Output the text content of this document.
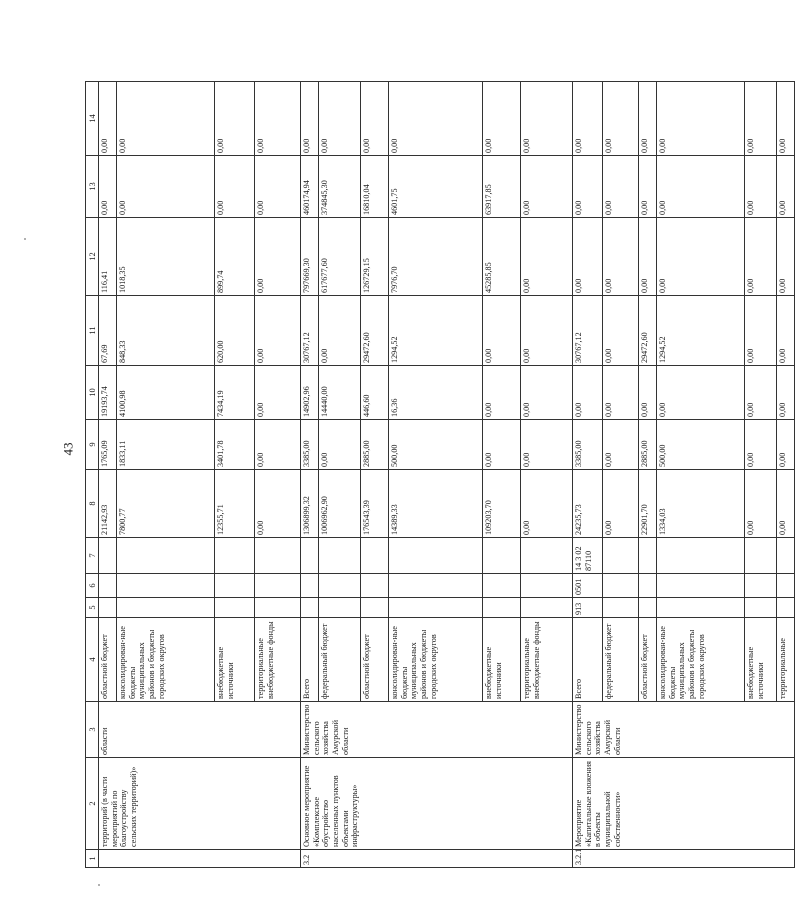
43
1	2	3	4	5	6	7	8	9	10	11	12	13	14
	территорий (в части мероприятий по благоустройству сельских территорий)»	области	областной бюджет				21142,93	1765,09	19193,74	67,69	116,41	0,00	0,00
			консолидирован-ные бюджеты муниципальных районов и бюджеты городских округов				7800,77	1833,11	4100,98	848,33	1018,35	0,00	0,00
			внебюджетные источники				12355,71	3401,78	7434,19	620,00	899,74	0,00	0,00
			территориальные внебюджетные фонды				0,00	0,00	0,00	0,00	0,00	0,00	0,00
3.2	Основное мероприятие «Комплексное обустройство населенных пунктов объектами инфраструктуры»	Министерство сельского хозяйства Амурской области	Всего				1306899,32	3385,00	14902,96	30767,12	797669,30	460174,94	0,00
			федеральный бюджет				1006962,90	0,00	14440,00	0,00	617677,60	374845,30	0,00
			областной бюджет				176543,39	2885,00	446,60	29472,60	126729,15	16810,04	0,00
			консолидирован-ные бюджеты муниципальных районов и бюджеты городских округов				14389,33	500,00	16,36	1294,52	7976,70	4601,75	0,00
			внебюджетные источники				109203,70	0,00	0,00	0,00	45285,85	63917,85	0,00
			территориальные внебюджетные фонды				0,00	0,00	0,00	0,00	0,00	0,00	0,00
3.2.1	Мероприятие «Капитальные вложения в объекты муниципальной собственности»	Министерство сельского хозяйства Амурской области	Всего	913	0501	14 3 02 87110	24235,73	3385,00	0,00	30767,12	0,00	0,00	0,00
			федеральный бюджет				0,00	0,00	0,00	0,00	0,00	0,00	0,00
			областной бюджет				22901,70	2885,00	0,00	29472,60	0,00	0,00	0,00
			консолидирован-ные бюджеты муниципальных районов и бюджеты городских округов				1334,03	500,00	0,00	1294,52	0,00	0,00	0,00
			внебюджетные источники				0,00	0,00	0,00	0,00	0,00	0,00	0,00
			территориальные				0,00	0,00	0,00	0,00	0,00	0,00	0,00
